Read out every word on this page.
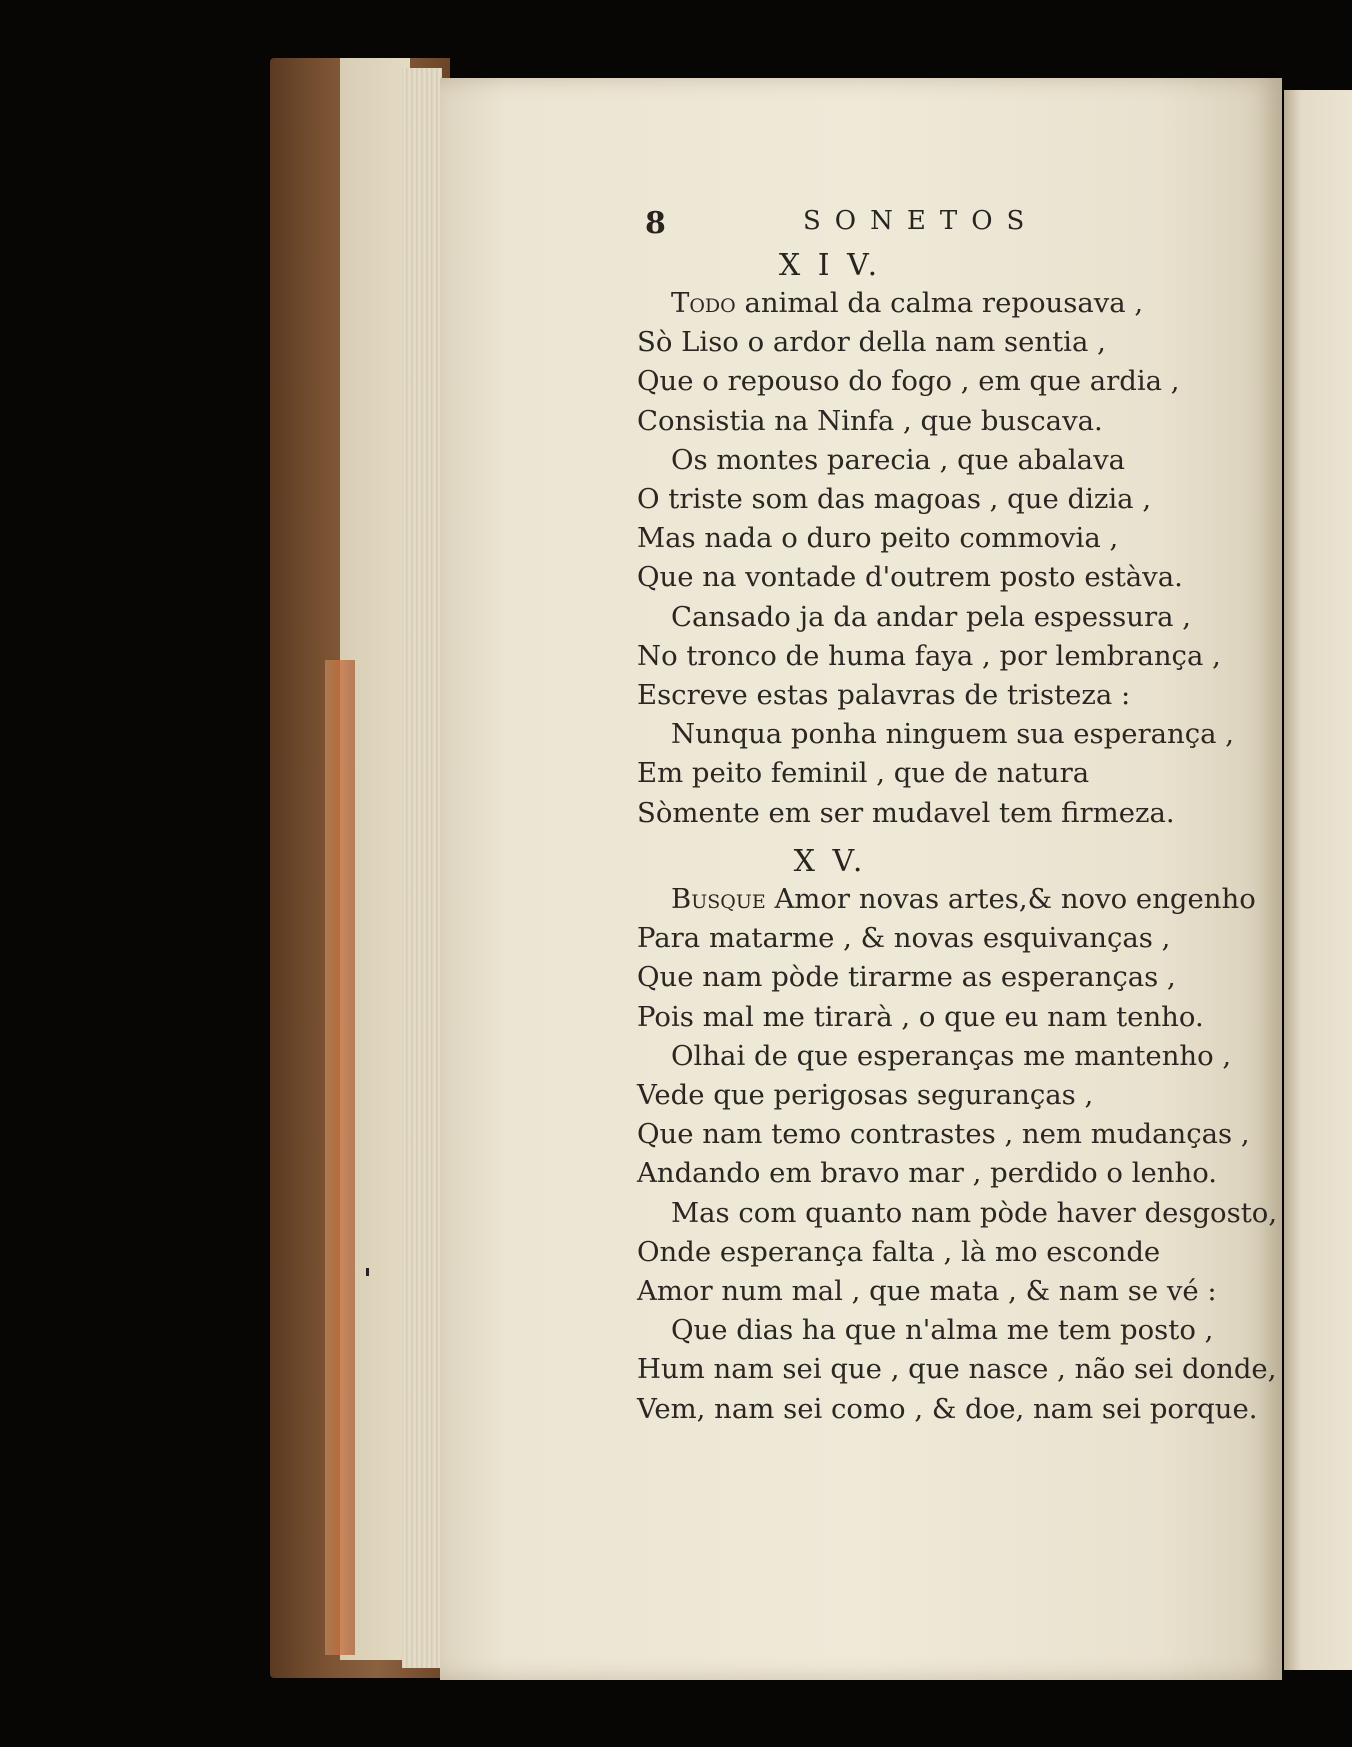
8	SONETOS
X I V.
Todo animal da calma repousava ,
Sò Liso o ardor della nam sentia ,
Que o repouso do fogo , em que ardia ,
Consistia na Ninfa , que buscava.
Os montes parecia , que abalava
O triste som das magoas , que dizia ,
Mas nada o duro peito commovia ,
Que na vontade d'outrem posto estàva.
Cansado ja da andar pela espessura ,
No tronco de huma faya , por lembrança ,
Escreve estas palavras de tristeza :
Nunqua ponha ninguem sua esperança ,
Em peito feminil , que de natura
Sòmente em ser mudavel tem firmeza.
X V.
Busque Amor novas artes,& novo engenho
Para matarme , & novas esquivanças ,
Que nam pòde tirarme as esperanças ,
Pois mal me tirarà , o que eu nam tenho.
Olhai de que esperanças me mantenho ,
Vede que perigosas seguranças ,
Que nam temo contrastes , nem mudanças ,
Andando em bravo mar , perdido o lenho.
Mas com quanto nam pòde haver desgosto,
Onde esperança falta , là mo esconde
Amor num mal , que mata , & nam se vé :
Que dias ha que n'alma me tem posto ,
Hum nam sei que , que nasce , não sei donde,
Vem, nam sei como , & doe, nam sei porque.
